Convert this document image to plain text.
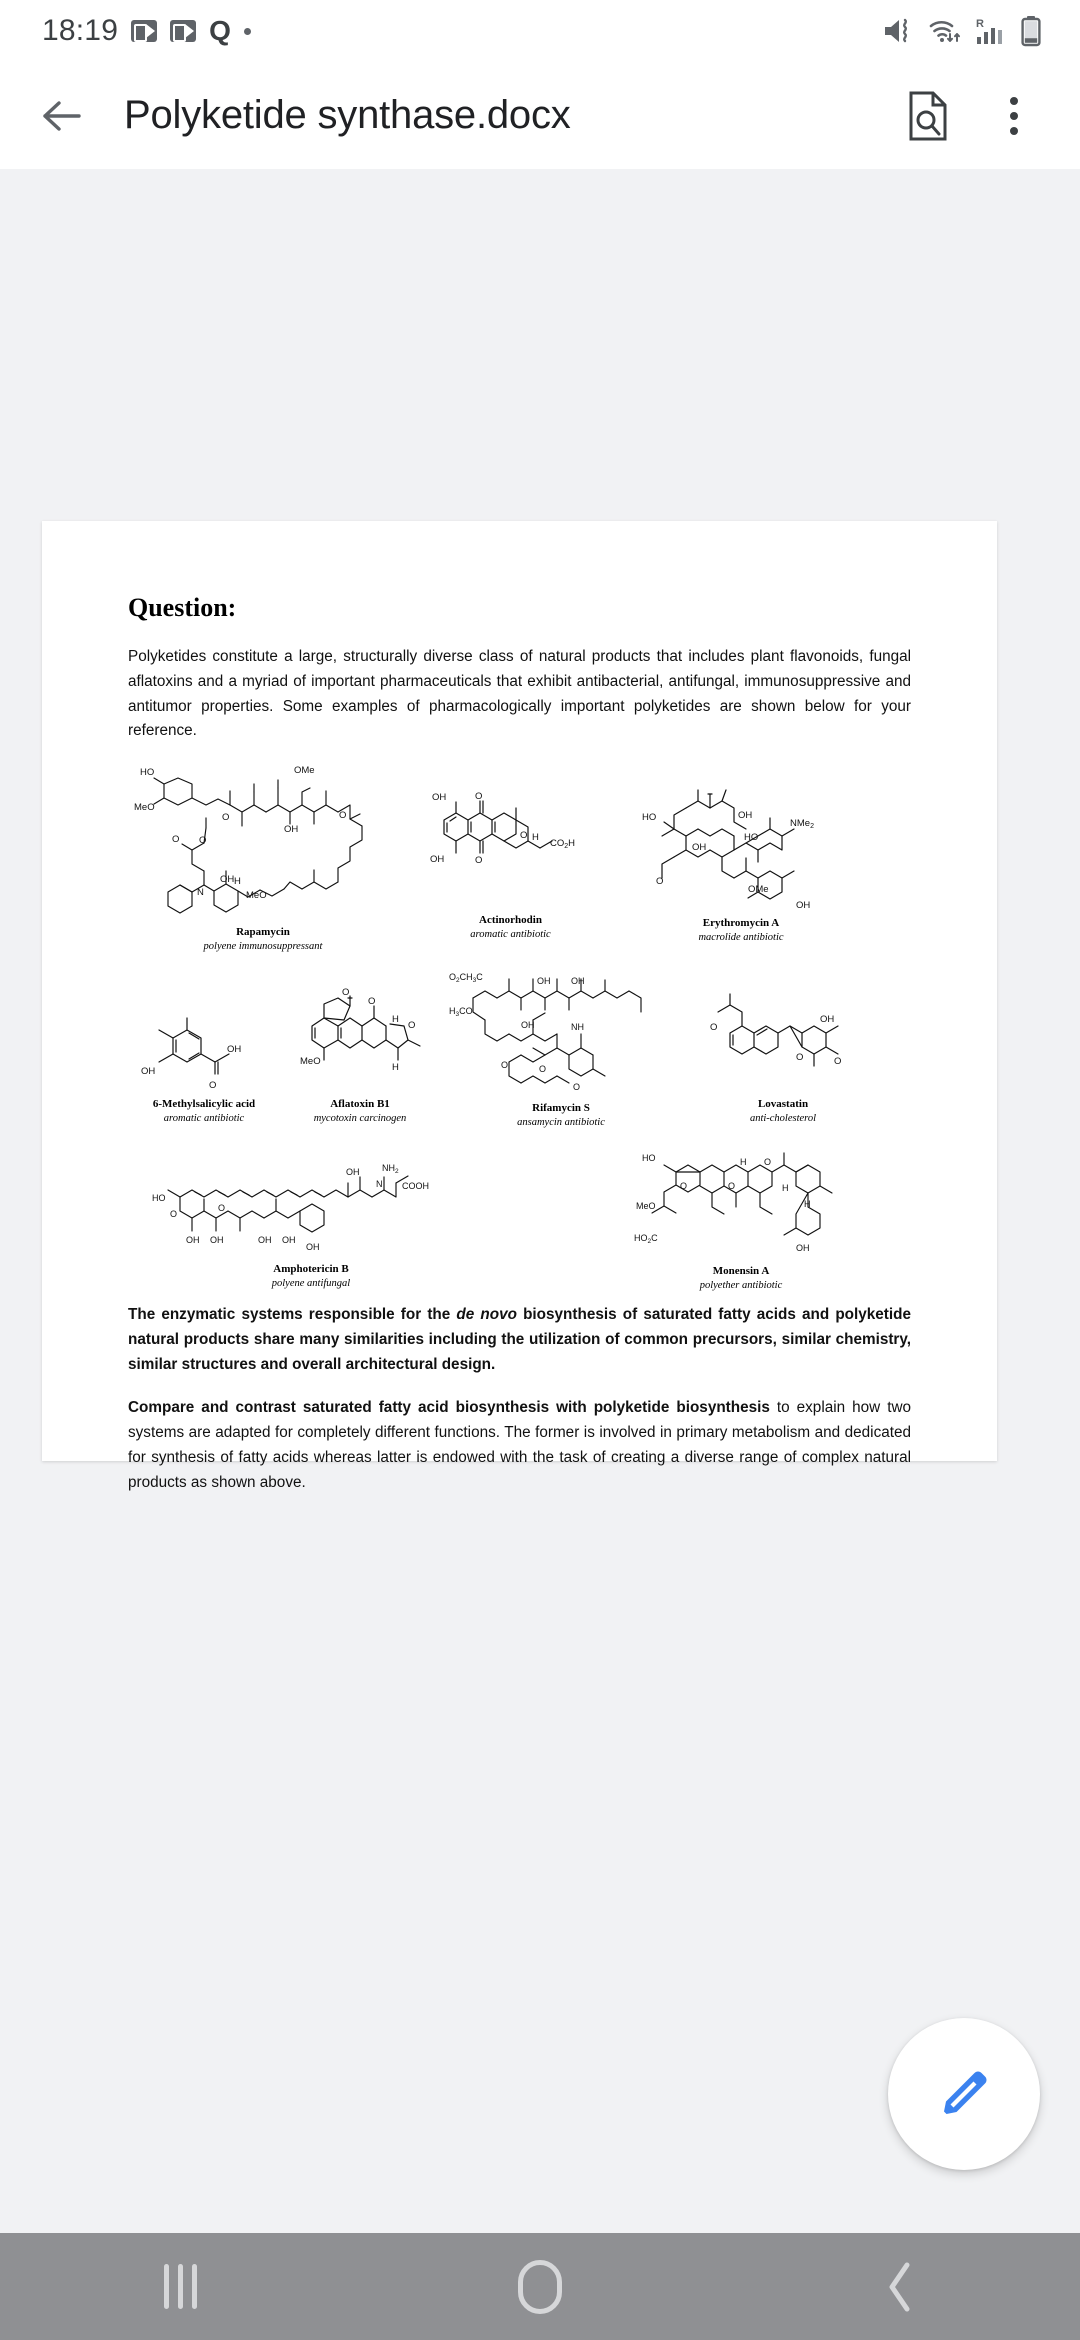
18:19	Q	R
Polyketide synthase.docx
Question:
Polyketides constitute a large, structurally diverse class of natural products that includes plant flavonoids, fungal aflatoxins and a myriad of important pharmaceuticals that exhibit antibacterial, antifungal, immunosuppressive and antitumor properties. Some examples of pharmacologically important polyketides are shown below for your reference.
HO
MeO
OMe
OH
O	O
O O
N	MeO
OH H
Rapamycin
polyene immunosuppressant
OH
OH
O
O
O H
$CO_2H$
Actinorhodin
aromatic antibiotic
HO
OH
OH
HO
NMe$_2$
OMe
OH
O
Erythromycin A
macrolide antibiotic
OH
O
OH
6-Methylsalicylic acid
aromatic antibiotic
O
MeO
H
O
H
O
Aflatoxin B1
mycotoxin carcinogen
$O_2CH_3C$
$H_3CO$
OH OH
OH	NH
O	O
O
Rifamycin S
ansamycin antibiotic
O
OH
O	O
Lovastatin
anti-cholesterol
HO
OH OH	OH OH
OH
OH	$NH_2$
COOH
N
O
O
Amphotericin B
polyene antifungal
HO
O	O
H O
H
MeO
$HO_2C$
OH
H
Monensin A
polyether antibiotic
The enzymatic systems responsible for the de novo biosynthesis of saturated fatty acids and polyketide natural products share many similarities including the utilization of common precursors, similar chemistry, similar structures and overall architectural design.
Compare and contrast saturated fatty acid biosynthesis with polyketide biosynthesis to explain how two systems are adapted for completely different functions. The former is involved in primary metabolism and dedicated for synthesis of fatty acids whereas latter is endowed with the task of creating a diverse range of complex natural products as shown above.
